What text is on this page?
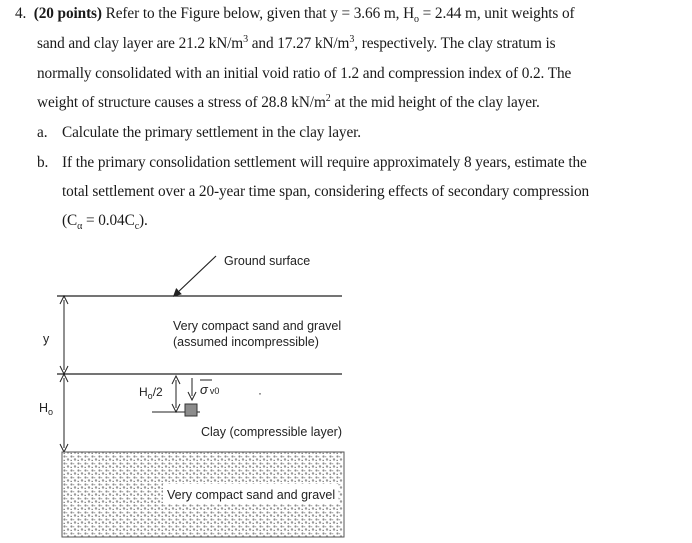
4. (20 points) Refer to the Figure below, given that y = 3.66 m, $H_o = 2.44$ m, unit weights of
sand and clay layer are 21.2 $kN/m^3$ and 17.27 $kN/m^3$, respectively. The clay stratum is
normally consolidated with an initial void ratio of 1.2 and compression index of 0.2. The
weight of structure causes a stress of 28.8 $kN/m^2$ at the mid height of the clay layer.
a. Calculate the primary settlement in the clay layer.
b. If the primary consolidation settlement will require approximately 8 years, estimate the
total settlement over a 20-year time span, considering effects of secondary compression
$(C_\alpha = 0.04C_c)$.
Ground surface
Very compact sand and gravel
(assumed incompressible)
y
$H_o$
$H_o/2$	σ v0	·
Clay (compressible layer)
Very compact sand and gravel
